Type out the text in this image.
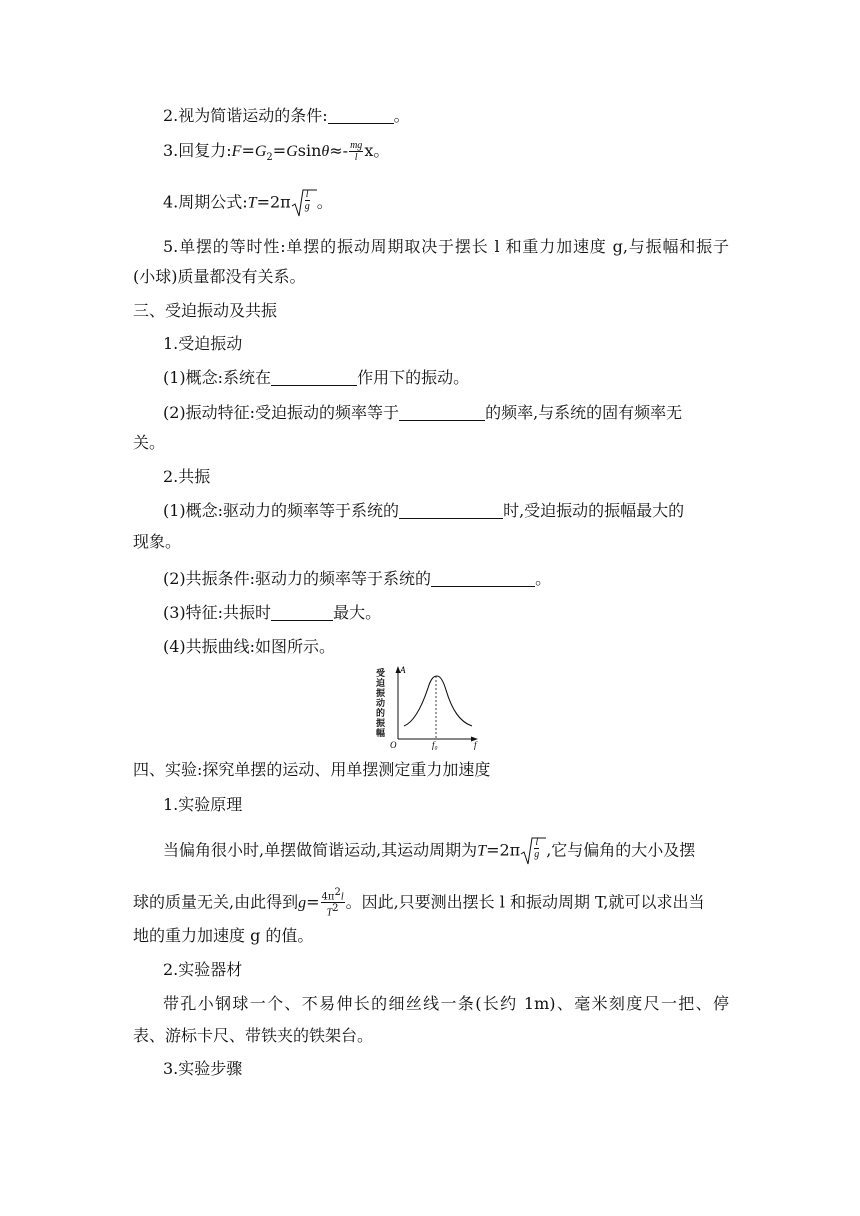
2.视为简谐运动的条件:	。
3.回复力$:F=G_2=Gsin\theta\approx- \frac{mg}{l}$ x。
4.周期公式:T=2π l
g 。
5.单摆的等时性:单摆的振动周期取决于摆长 l 和重力加速度 g,与振幅和振子
(小球)质量都没有关系。
三、受迫振动及共振
1.受迫振动
(1)概念:系统在	作用下的振动。
(2)振动特征:受迫振动的频率等于	的频率,与系统的固有频率无
关。
2.共振
(1)概念:驱动力的频率等于系统的	时,受迫振动的振幅最大的
现象。
(2)共振条件:驱动力的频率等于系统的	。
(3)特征:共振时	最大。
(4)共振曲线:如图所示。
受
迫
振
动
的
振
幅
A
O	f₀	f
四、实验:探究单摆的运动、用单摆测定重力加速度
1.实验原理
当偏角很小时,单摆做简谐运动,其运动周期为T=2π l
g ,它与偏角的大小及摆
球的质量无关,由此得到$g= \frac{4\pi^2l}{T^2}$ 。因此,只要测出摆长 l 和振动周期 T,就可以求出当
地的重力加速度 g 的值。
2.实验器材
带孔小钢球一个、不易伸长的细丝线一条(长约 1m)、毫米刻度尺一把、停
表、游标卡尺、带铁夹的铁架台。
3.实验步骤
